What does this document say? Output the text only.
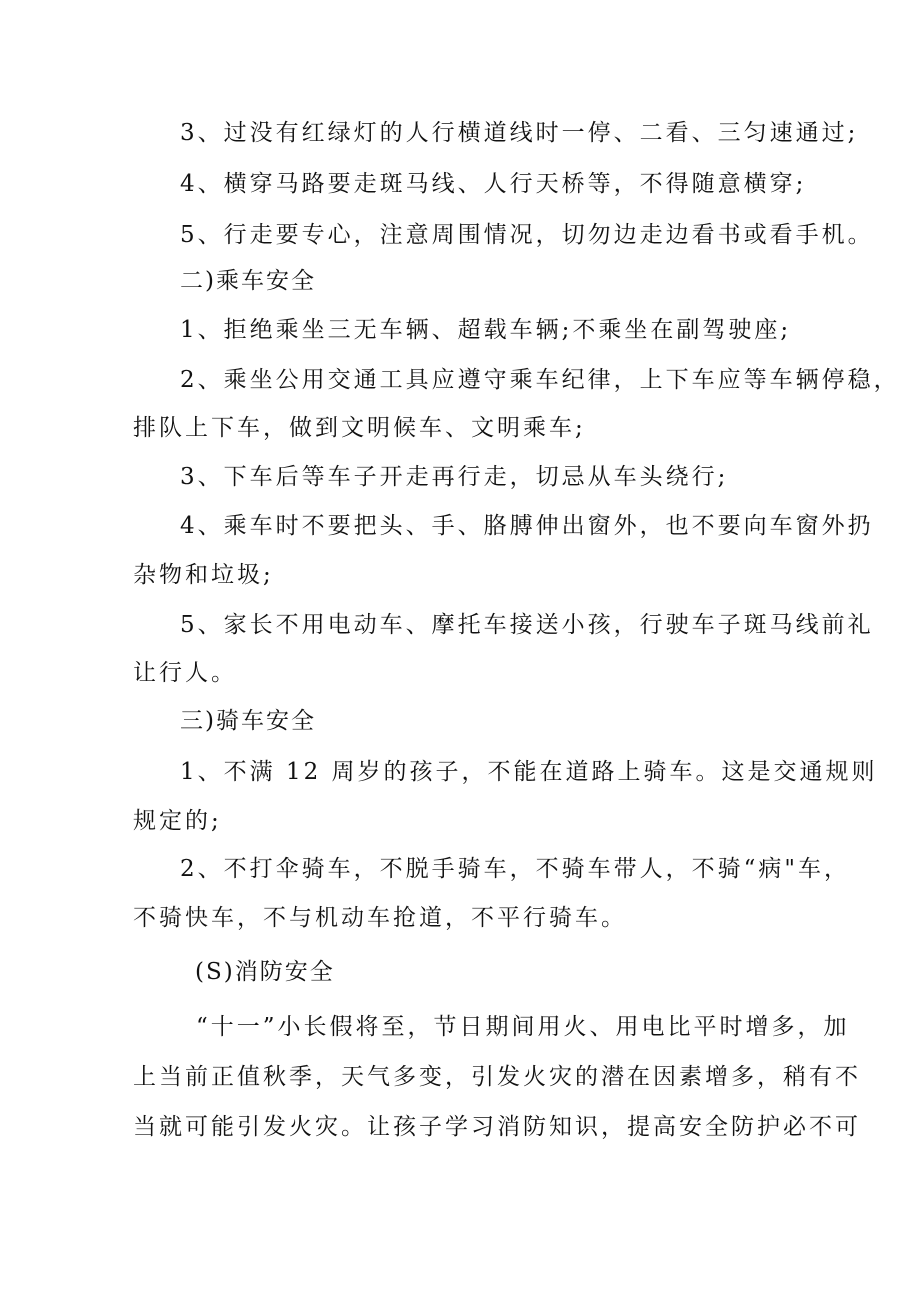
3、过没有红绿灯的人行横道线时一停、二看、三匀速通过;
4、横穿马路要走斑马线、人行天桥等，不得随意横穿;
5、行走要专心，注意周围情况，切勿边走边看书或看手机。
二)乘车安全
1、拒绝乘坐三无车辆、超载车辆;不乘坐在副驾驶座;
2、乘坐公用交通工具应遵守乘车纪律，上下车应等车辆停稳，
排队上下车，做到文明候车、文明乘车;
3、下车后等车子开走再行走，切忌从车头绕行;
4、乘车时不要把头、手、胳膊伸出窗外，也不要向车窗外扔
杂物和垃圾;
5、家长不用电动车、摩托车接送小孩，行驶车子斑马线前礼
让行人。
三)骑车安全
1、不满 12 周岁的孩子，不能在道路上骑车。这是交通规则
规定的;
2、不打伞骑车，不脱手骑车，不骑车带人，不骑“病"车，
不骑快车，不与机动车抢道，不平行骑车。
(S)消防安全
“十一”小长假将至，节日期间用火、用电比平时增多，加
上当前正值秋季，天气多变，引发火灾的潜在因素增多，稍有不
当就可能引发火灾。让孩子学习消防知识，提高安全防护必不可
